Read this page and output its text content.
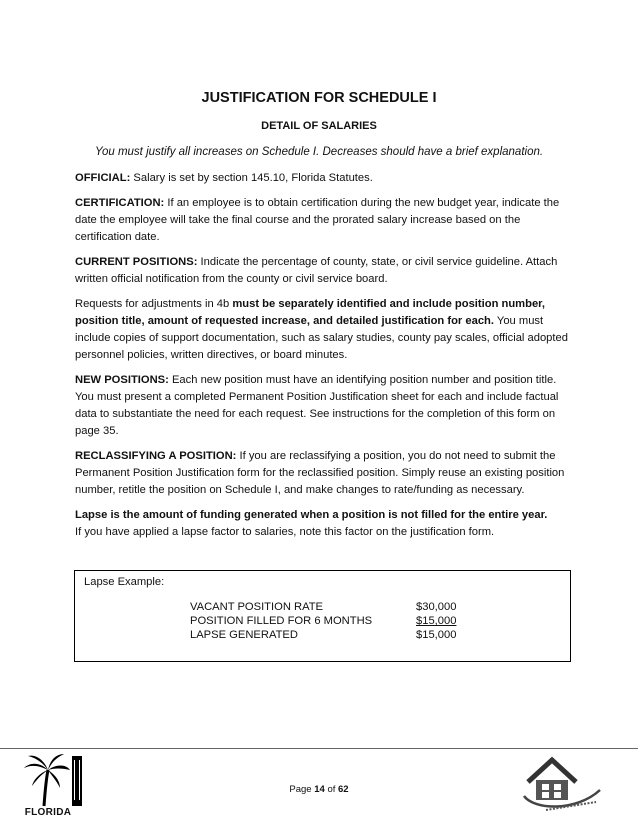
JUSTIFICATION FOR SCHEDULE I
DETAIL OF SALARIES
You must justify all increases on Schedule I. Decreases should have a brief explanation.

OFFICIAL: Salary is set by section 145.10, Florida Statutes.

CERTIFICATION: If an employee is to obtain certification during the new budget year, indicate the date the employee will take the final course and the prorated salary increase based on the certification date.

CURRENT POSITIONS: Indicate the percentage of county, state, or civil service guideline. Attach written official notification from the county or civil service board.

Requests for adjustments in 4b must be separately identified and include position number, position title, amount of requested increase, and detailed justification for each. You must include copies of support documentation, such as salary studies, county pay scales, official adopted personnel policies, written directives, or board minutes.

NEW POSITIONS: Each new position must have an identifying position number and position title. You must present a completed Permanent Position Justification sheet for each and include factual data to substantiate the need for each request. See instructions for the completion of this form on page 35.

RECLASSIFYING A POSITION: If you are reclassifying a position, you do not need to submit the Permanent Position Justification form for the reclassified position. Simply reuse an existing position number, retitle the position on Schedule I, and make changes to rate/funding as necessary.

Lapse is the amount of funding generated when a position is not filled for the entire year.
If you have applied a lapse factor to salaries, note this factor on the justification form.

Lapse Example:
VACANT POSITION RATE	$30,000
POSITION FILLED FOR 6 MONTHS	$15,000
LAPSE GENERATED	$15,000
FLORIDA
Page 14 of 62
